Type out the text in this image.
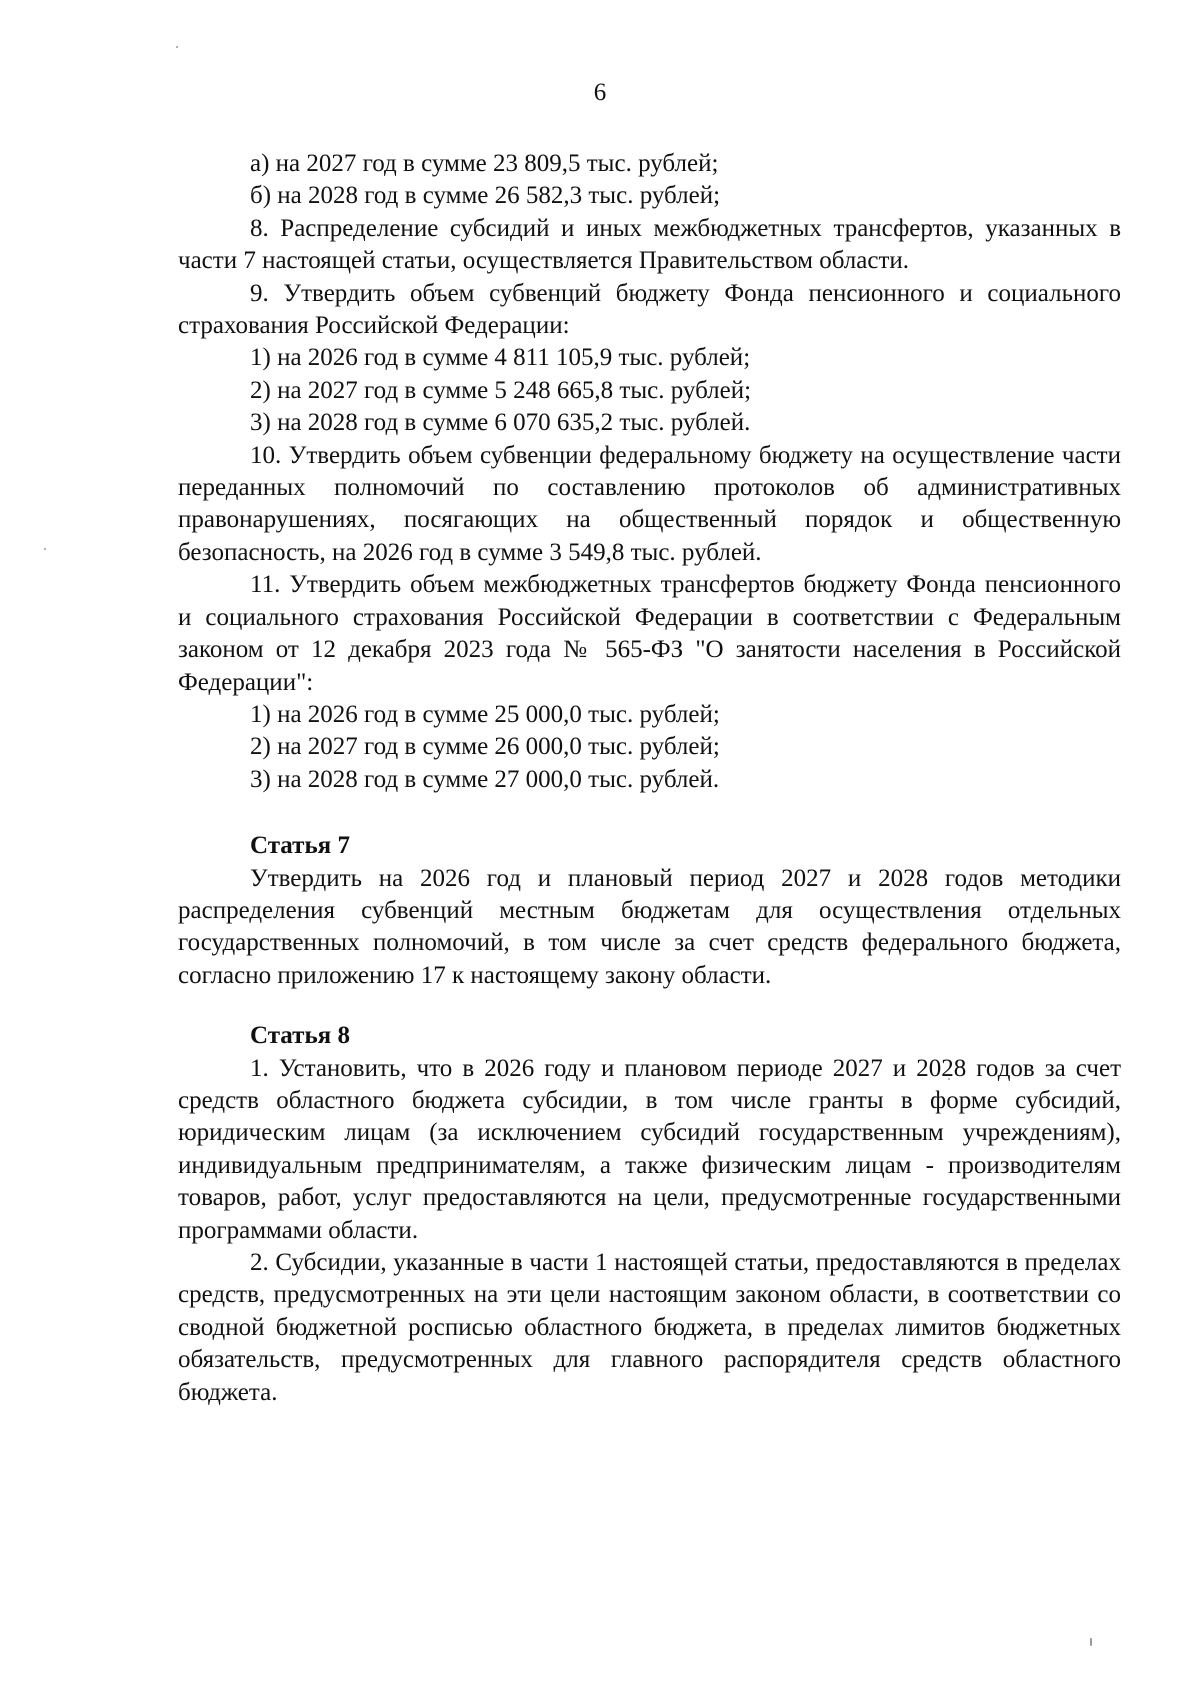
6

а) на 2027 год в сумме 23 809,5 тыс. рублей;

б) на 2028 год в сумме 26 582,3 тыс. рублей;

8. Распределение субсидий и иных межбюджетных трансфертов, указанных в части 7 настоящей статьи, осуществляется Правительством области.

9. Утвердить объем субвенций бюджету Фонда пенсионного и социального страхования Российской Федерации:

1) на 2026 год в сумме 4 811 105,9 тыс. рублей;

2) на 2027 год в сумме 5 248 665,8 тыс. рублей;

3) на 2028 год в сумме 6 070 635,2 тыс. рублей.

10. Утвердить объем субвенции федеральному бюджету на осуществление части переданных полномочий по составлению протоколов об административных правонарушениях, посягающих на общественный порядок и общественную безопасность, на 2026 год в сумме 3 549,8 тыс. рублей.

11. Утвердить объем межбюджетных трансфертов бюджету Фонда пенсионного и социального страхования Российской Федерации в соответствии с Федеральным законом от 12 декабря 2023 года № 565-ФЗ "О занятости населения в Российской Федерации":

1) на 2026 год в сумме 25 000,0 тыс. рублей;

2) на 2027 год в сумме 26 000,0 тыс. рублей;

3) на 2028 год в сумме 27 000,0 тыс. рублей.

Статья 7

Утвердить на 2026 год и плановый период 2027 и 2028 годов методики распределения субвенций местным бюджетам для осуществления отдельных государственных полномочий, в том числе за счет средств федерального бюджета, согласно приложению 17 к настоящему закону области.

Статья 8

1. Установить, что в 2026 году и плановом периоде 2027 и 2028 годов за счет средств областного бюджета субсидии, в том числе гранты в форме субсидий, юридическим лицам (за исключением субсидий государственным учреждениям), индивидуальным предпринимателям, а также физическим лицам - производителям товаров, работ, услуг предоставляются на цели, предусмотренные государственными программами области.

2. Субсидии, указанные в части 1 настоящей статьи, предоставляются в пределах средств, предусмотренных на эти цели настоящим законом области, в соответствии со сводной бюджетной росписью областного бюджета, в пределах лимитов бюджетных обязательств, предусмотренных для главного распорядителя средств областного бюджета.
